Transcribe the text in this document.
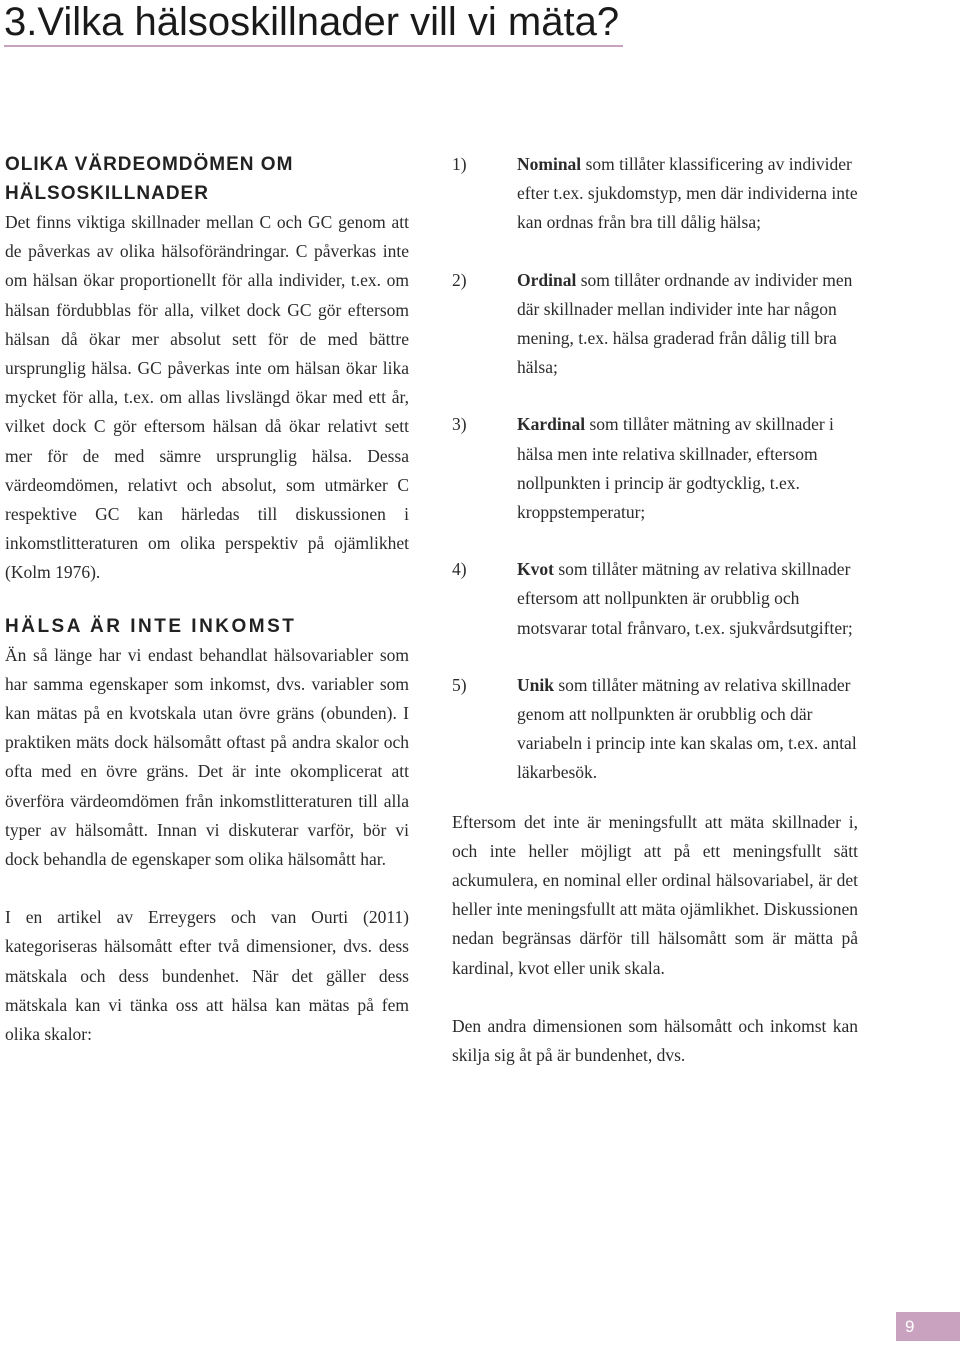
3.Vilka hälsoskillnader vill vi mäta?
OLIKA VÄRDEOMDÖMEN OM
HÄLSOSKILLNADER

Det finns viktiga skillnader mellan C och GC genom att de påverkas av olika hälsoförändringar. C påverkas inte om hälsan ökar proportionellt för alla individer, t.ex. om hälsan fördubblas för alla, vilket dock GC gör eftersom hälsan då ökar mer absolut sett för de med bättre ursprunglig hälsa. GC påverkas inte om hälsan ökar lika mycket för alla, t.ex. om allas livslängd ökar med ett år, vilket dock C gör eftersom hälsan då ökar relativt sett mer för de med sämre ursprunglig hälsa. Dessa värdeomdömen, relativt och absolut, som utmärker C respektive GC kan härledas till diskussionen i inkomstlitteraturen om olika perspektiv på ojämlikhet (Kolm 1976).

HÄLSA ÄR INTE INKOMST

Än så länge har vi endast behandlat hälsovariabler som har samma egenskaper som inkomst, dvs. variabler som kan mätas på en kvotskala utan övre gräns (obunden). I praktiken mäts dock hälsomått oftast på andra skalor och ofta med en övre gräns. Det är inte okomplicerat att överföra värdeomdömen från inkomstlitteraturen till alla typer av hälsomått. Innan vi diskuterar varför, bör vi dock behandla de egenskaper som olika hälsomått har.

I en artikel av Erreygers och van Ourti (2011) kategoriseras hälsomått efter två dimensioner, dvs. dess mätskala och dess bundenhet. När det gäller dess mätskala kan vi tänka oss att hälsa kan mätas på fem olika skalor:

1)	Nominal som tillåter klassificering av individer efter t.ex. sjukdomstyp, men där individerna inte kan ordnas från bra till dålig hälsa;
2)	Ordinal som tillåter ordnande av individer men där skillnader mellan individer inte har någon mening, t.ex. hälsa graderad från dålig till bra hälsa;
3)	Kardinal som tillåter mätning av skillnader i hälsa men inte relativa skillnader, eftersom nollpunkten i princip är godtycklig, t.ex. kroppstemperatur;
4)	Kvot som tillåter mätning av relativa skillnader eftersom att nollpunkten är orubblig och motsvarar total frånvaro, t.ex. sjukvårdsutgifter;
5)	Unik som tillåter mätning av relativa skillnader genom att nollpunkten är orubblig och där variabeln i princip inte kan skalas om, t.ex. antal läkarbesök.

Eftersom det inte är meningsfullt att mäta skillnader i, och inte heller möjligt att på ett meningsfullt sätt ackumulera, en nominal eller ordinal hälsovariabel, är det heller inte meningsfullt att mäta ojämlikhet. Diskussionen nedan begränsas därför till hälsomått som är mätta på kardinal, kvot eller unik skala.

Den andra dimensionen som hälsomått och inkomst kan skilja sig åt på är bundenhet, dvs.

9
